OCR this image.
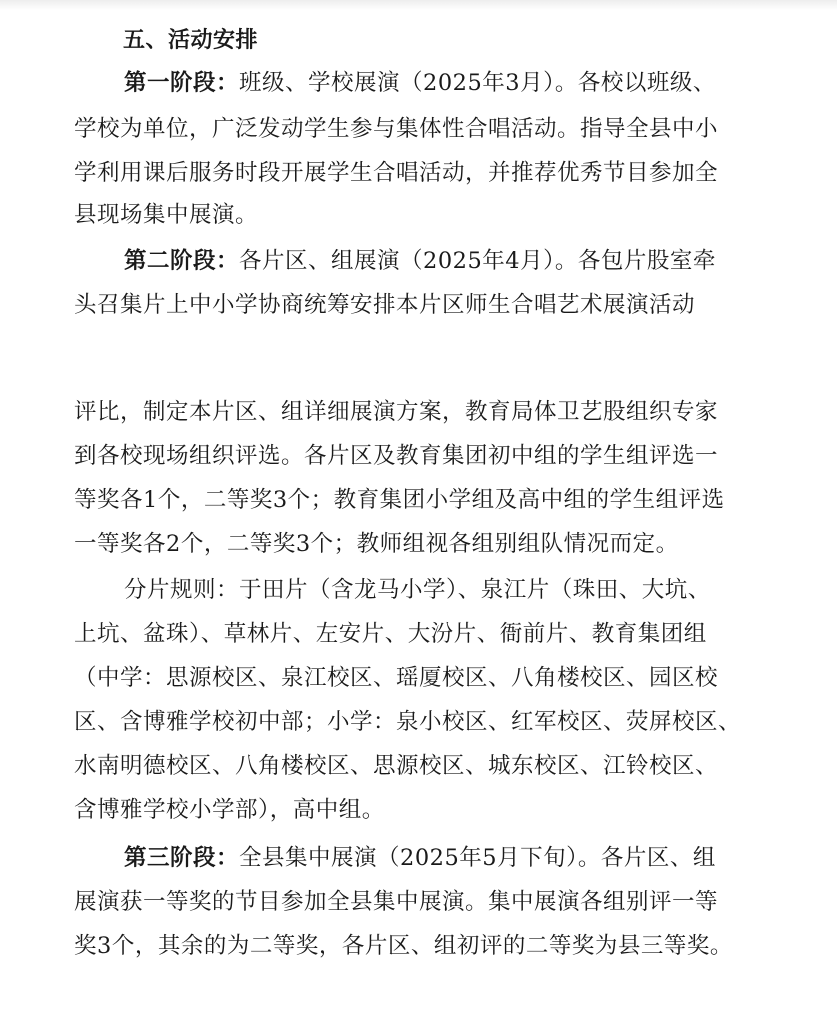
五、活动安排
第一阶段：班级、学校展演（2025年3月）。各校以班级、
学校为单位，广泛发动学生参与集体性合唱活动。指导全县中小
学利用课后服务时段开展学生合唱活动，并推荐优秀节目参加全
县现场集中展演。
第二阶段：各片区、组展演（2025年4月）。各包片股室牵
头召集片上中小学协商统筹安排本片区师生合唱艺术展演活动
评比，制定本片区、组详细展演方案，教育局体卫艺股组织专家
到各校现场组织评选。各片区及教育集团初中组的学生组评选一
等奖各1个，二等奖3个；教育集团小学组及高中组的学生组评选
一等奖各2个，二等奖3个；教师组视各组别组队情况而定。
分片规则：于田片（含龙马小学）、泉江片（珠田、大坑、
上坑、盆珠）、草林片、左安片、大汾片、衙前片、教育集团组
（中学：思源校区、泉江校区、瑶厦校区、八角楼校区、园区校
区、含博雅学校初中部；小学：泉小校区、红军校区、荧屏校区、
水南明德校区、八角楼校区、思源校区、城东校区、江铃校区、
含博雅学校小学部），高中组。
第三阶段：全县集中展演（2025年5月下旬）。各片区、组
展演获一等奖的节目参加全县集中展演。集中展演各组别评一等
奖3个，其余的为二等奖，各片区、组初评的二等奖为县三等奖。
